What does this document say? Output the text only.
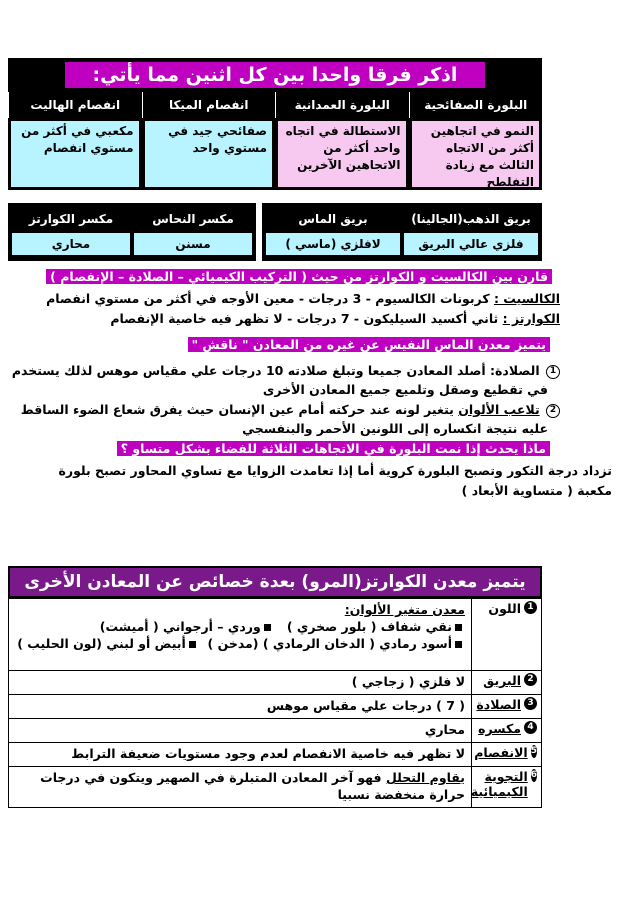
اذكر فرقا واحدا بين كل اثنين مما يأتي:
البلورة الصفائحية
البلورة العمدانية
انفصام الميكا
انفصام الهاليت
النمو في اتجاهين أكثر من الاتجاه الثالث مع زيادة التفلطح
الاستطالة في اتجاه واحد أكثر من الاتجاهين الآخرين
صفائحي جيد في مستوي واحد
مكعبي في أكثر من مستوي انفصام
بريق الذهب(الجالينا)
بريق الماس
فلزي عالي البريق
لافلزي (ماسي )
مكسر النحاس
مكسر الكوارتز
مسنن
محاري
قارن بين الكالسيت و الكوارتز من حيث ( التركيب الكيميائي – الصلادة – الإنفصام )
الكالسيت : كربونات الكالسيوم - 3 درجات - معين الأوجه في أكثر من مستوي انفصام
الكوارتز : ثاني أكسيد السيليكون - 7 درجات - لا تظهر فيه خاصية الإنفصام
يتميز معدن الماس النفيس عن غيره من المعادن " ناقش "
1 الصلادة: أصلد المعادن جميعا وتبلغ صلادته 10 درجات علي مقياس موهس لذلك يستخدم
في تقطيع وصقل وتلميع جميع المعادن الأخرى
2 تلاعب الألوان يتغير لونه عند حركته أمام عين الإنسان حيث يفرق شعاع الضوء الساقط
عليه نتيجة انكساره إلى اللونين الأحمر والبنفسجي
ماذا يحدث إذا نمت البلورة في الاتجاهات الثلاثة للفضاء بشكل متساو ؟
تزداد درجة التكور وتصبح البلورة كروية أما إذا تعامدت الزوايا مع تساوي المحاور تصبح بلورة
مكعبة ( متساوية الأبعاد )
يتميز معدن الكوارتز(المرو) بعدة خصائص عن المعادن الأخرى
1
اللون
معدن متغير الألوان:
نقي شفاف ( بلور صخري )   وردي – أرجواني ( أميشت)
أسود رمادي ( الدخان الرمادي ) (مدخن )  أبيض أو لبني (لون الحليب )
2
البريق
لا فلزي ( زجاجي )
3
الصلادة
( 7 ) درجات علي مقياس موهس
4
مكسره
محاري
5
الانفصام
لا تظهر فيه خاصية الانفصام لعدم وجود مستويات ضعيفة الترابط
6
التجوية الكيميائية
يقاوم التحلل فهو آخر المعادن المتبلرة في الصهير ويتكون في درجات حرارة منخفضة نسبيا
